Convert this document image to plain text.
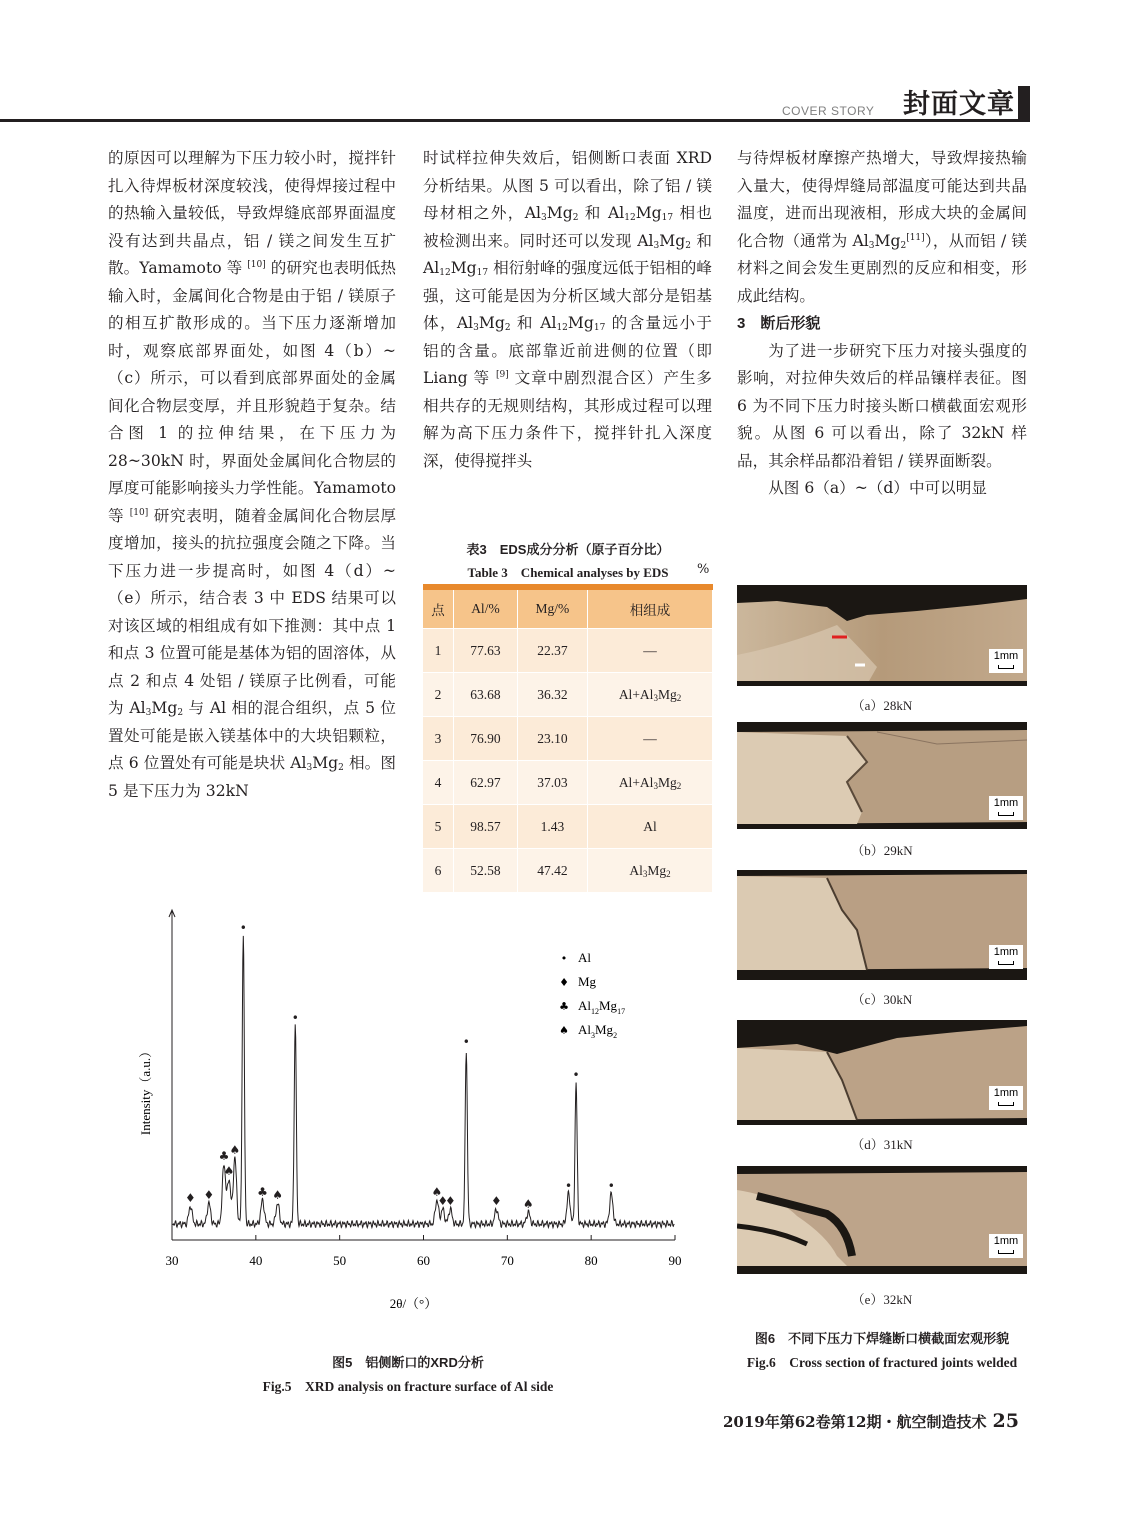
COVER STORY 封面文章

的原因可以理解为下压力较小时，搅拌针扎入待焊板材深度较浅，使得焊接过程中的热输入量较低，导致焊缝底部界面温度没有达到共晶点，铝 / 镁之间发生互扩散。Yamamoto 等 [10] 的研究也表明低热输入时，金属间化合物是由于铝 / 镁原子的相互扩散形成的。当下压力逐渐增加时，观察底部界面处，如图 4（b）~（c）所示，可以看到底部界面处的金属间化合物层变厚，并且形貌趋于复杂。结合图 1 的拉伸结果，在下压力为 28~30kN 时，界面处金属间化合物层的厚度可能影响接头力学性能。Yamamoto 等 [10] 研究表明，随着金属间化合物层厚度增加，接头的抗拉强度会随之下降。当下压力进一步提高时，如图 4（d）~（e）所示，结合表 3 中 EDS 结果可以对该区域的相组成有如下推测：其中点 1 和点 3 位置可能是基体为铝的固溶体，从点 2 和点 4 处铝 / 镁原子比例看，可能为 $Al_3Mg_2$ 与 Al 相的混合组织，点 5 位置处可能是嵌入镁基体中的大块铝颗粒，点 6 位置处有可能是块状 $Al_3Mg_2$ 相。图 5 是下压力为 32kN

时试样拉伸失效后，铝侧断口表面 XRD 分析结果。从图 5 可以看出，除了铝 / 镁母材相之外，$Al_3Mg_2$ 和 $Al_{12}Mg_{17}$ 相也被检测出来。同时还可以发现 $Al_3Mg_2$ 和 $Al_{12}Mg_{17}$ 相衍射峰的强度远低于铝相的峰强，这可能是因为分析区域大部分是铝基体，$Al_3Mg_2$ 和 $Al_{12}Mg_{17}$ 的含量远小于铝的含量。底部靠近前进侧的位置（即 Liang 等 [9] 文章中剧烈混合区）产生多相共存的无规则结构，其形成过程可以理解为高下压力条件下，搅拌针扎入深度深，使得搅拌头

与待焊板材摩擦产热增大，导致焊接热输入量大，使得焊缝局部温度可能达到共晶温度，进而出现液相，形成大块的金属间化合物（通常为 $Al_3Mg_2[11]$），从而铝 / 镁材料之间会发生更剧烈的反应和相变，形成此结构。

3　断后形貌

为了进一步研究下压力对接头强度的影响，对拉伸失效后的样品镶样表征。图 6 为不同下压力时接头断口横截面宏观形貌。从图 6 可以看出，除了 32kN 样品，其余样品都沿着铝 / 镁界面断裂。

从图 6（a）~（d）中可以明显

表3　EDS成分分析（原子百分比）
Table 3　Chemical analyses by EDS	%
点	Al/%	Mg/%	相组成
1	77.63	22.37	—
2	63.68	36.32	$Al+Al_3Mg_2$
3	76.90	23.10	—
4	62.97	37.03	$Al+Al_3Mg_2$
5	98.57	1.43	Al
6	52.58	47.42	$Al_3Mg_2$
30	40	50	60	70	80	90
2θ/（°）
Intensity（a.u.）
♦ ♦
♣
♠
♠
•
♣ ♠
•
♠
♦
♦
•
♦ ♠
•
•
•
• Al
♦ Mg
♣ $Al_{12}Mg_{17}$
♠ $Al_3Mg_2$
图5　铝侧断口的XRD分析
Fig.5　XRD analysis on fracture surface of Al side
1mm
（a）28kN
1mm
（b）29kN
1mm
（c）30kN
1mm
（d）31kN
1mm
（e）32kN
图6　不同下压力下焊缝断口横截面宏观形貌
Fig.6　Cross section of fractured joints welded
2019年第62卷第12期・航空制造技术 25
